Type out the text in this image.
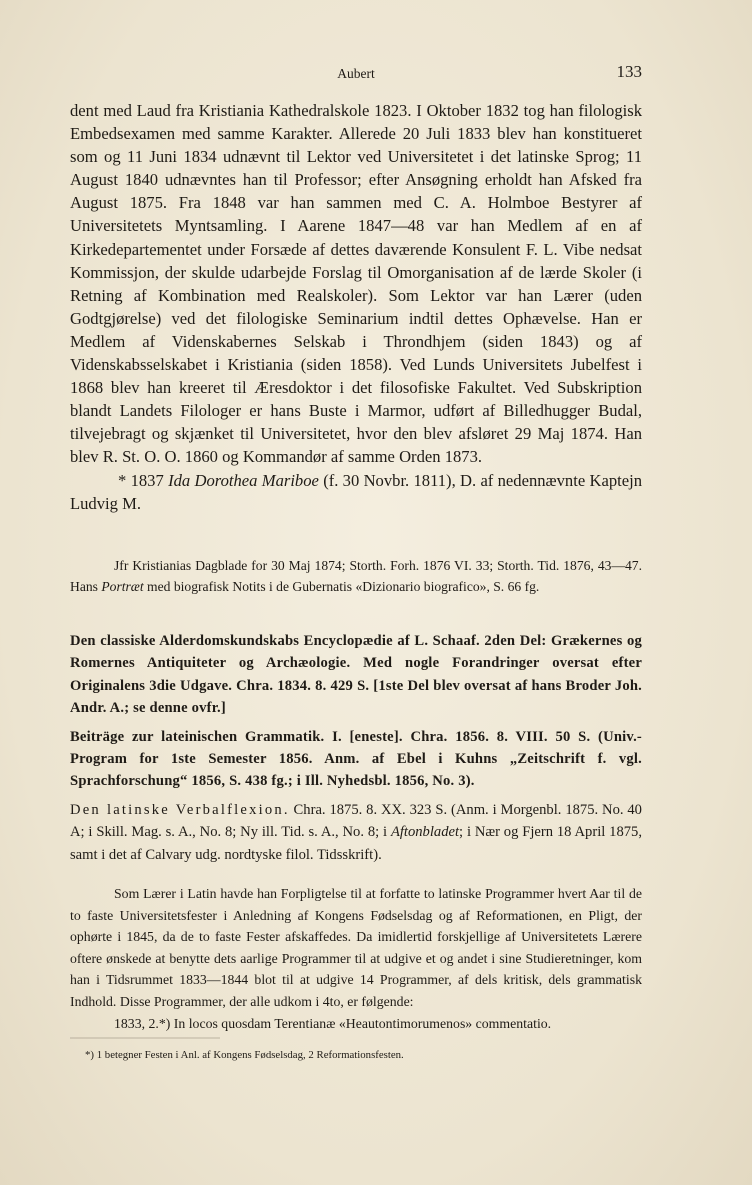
Aubert	133

dent med Laud fra Kristiania Kathedralskole 1823. I Oktober 1832 tog han filologisk Embedsexamen med samme Karakter. Allerede 20 Juli 1833 blev han konstitueret som og 11 Juni 1834 udnævnt til Lektor ved Universitetet i det latinske Sprog; 11 August 1840 udnævntes han til Professor; efter Ansøgning erholdt han Afsked fra August 1875. Fra 1848 var han sammen med C. A. Holmboe Bestyrer af Universitetets Myntsamling. I Aarene 1847—48 var han Medlem af en af Kirkedepartementet under Forsæde af dettes daværende Konsulent F. L. Vibe nedsat Kommissjon, der skulde udarbejde Forslag til Omorganisation af de lærde Skoler (i Retning af Kombination med Realskoler). Som Lektor var han Lærer (uden Godtgjørelse) ved det filologiske Seminarium indtil dettes Ophævelse. Han er Medlem af Videnskabernes Selskab i Throndhjem (siden 1843) og af Videnskabsselskabet i Kristiania (siden 1858). Ved Lunds Universitets Jubelfest i 1868 blev han kreeret til Æresdoktor i det filosofiske Fakultet. Ved Subskription blandt Landets Filologer er hans Buste i Marmor, udført af Billedhugger Budal, tilvejebragt og skjænket til Universitetet, hvor den blev afsløret 29 Maj 1874. Han blev R. St. O. O. 1860 og Kommandør af samme Orden 1873.

* 1837 Ida Dorothea Mariboe (f. 30 Novbr. 1811), D. af nedennævnte Kaptejn Ludvig M.

Jfr Kristianias Dagblade for 30 Maj 1874; Storth. Forh. 1876 VI. 33; Storth. Tid. 1876, 43—47. Hans Portræt med biografisk Notits i de Gubernatis «Dizionario biografico», S. 66 fg.
Den classiske Alderdomskundskabs Encyclopædie af L. Schaaf. 2den Del: Grækernes og Romernes Antiquiteter og Archæologie. Med nogle Forandringer oversat efter Originalens 3die Udgave. Chra. 1834. 8. 429 S. [1ste Del blev oversat af hans Broder Joh. Andr. A.; se denne ovfr.]
Beiträge zur lateinischen Grammatik. I. [eneste]. Chra. 1856. 8. VIII. 50 S. (Univ.-Program for 1ste Semester 1856. Anm. af Ebel i Kuhns „Zeitschrift f. vgl. Sprachforschung“ 1856, S. 438 fg.; i Ill. Nyhedsbl. 1856, No. 3).
Den latinske Verbalflexion. Chra. 1875. 8. XX. 323 S. (Anm. i Morgenbl. 1875. No. 40 A; i Skill. Mag. s. A., No. 8; Ny ill. Tid. s. A., No. 8; i Aftonbladet; i Nær og Fjern 18 April 1875, samt i det af Calvary udg. nordtyske filol. Tidsskrift).

Som Lærer i Latin havde han Forpligtelse til at forfatte to latinske Programmer hvert Aar til de to faste Universitetsfester i Anledning af Kongens Fødselsdag og af Reformationen, en Pligt, der ophørte i 1845, da de to faste Fester afskaffedes. Da imidlertid forskjellige af Universitetets Lærere oftere ønskede at benytte dets aarlige Programmer til at udgive et og andet i sine Studieretninger, kom han i Tidsrummet 1833—1844 blot til at udgive 14 Programmer, af dels kritisk, dels grammatisk Indhold. Disse Programmer, der alle udkom i 4to, er følgende:

1833, 2.*) In locos quosdam Terentianæ «Heautontimorumenos» commentatio.

*) 1 betegner Festen i Anl. af Kongens Fødselsdag, 2 Reformationsfesten.
